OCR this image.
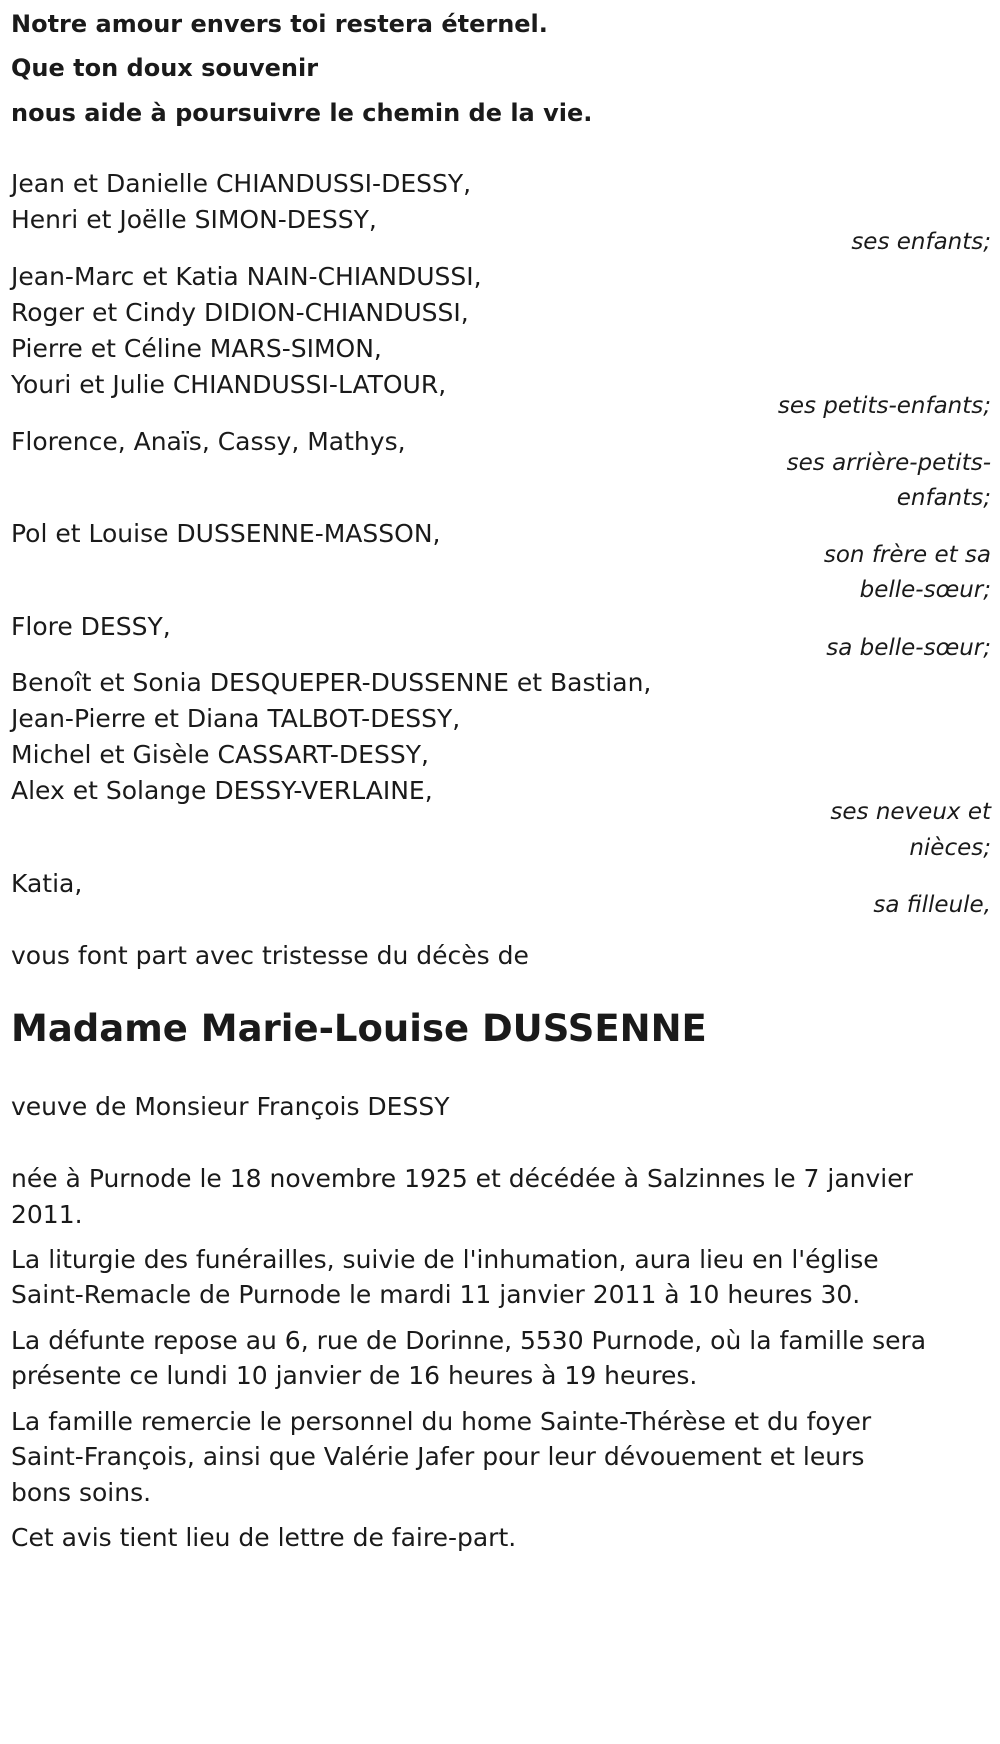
Notre amour envers toi restera éternel.
Que ton doux souvenir
nous aide à poursuivre le chemin de la vie.
Jean et Danielle CHIANDUSSI-DESSY,
Henri et Joëlle SIMON-DESSY,
ses enfants;
Jean-Marc et Katia NAIN-CHIANDUSSI,
Roger et Cindy DIDION-CHIANDUSSI,
Pierre et Céline MARS-SIMON,
Youri et Julie CHIANDUSSI-LATOUR,
ses petits-enfants;
Florence, Anaïs, Cassy, Mathys,
ses arrière-petits-
enfants;
Pol et Louise DUSSENNE-MASSON,
son frère et sa
belle-sœur;
Flore DESSY,
sa belle-sœur;
Benoît et Sonia DESQUEPER-DUSSENNE et Bastian,
Jean-Pierre et Diana TALBOT-DESSY,
Michel et Gisèle CASSART-DESSY,
Alex et Solange DESSY-VERLAINE,
ses neveux et
nièces;
Katia,
sa filleule,
vous font part avec tristesse du décès de
Madame Marie-Louise DUSSENNE
veuve de Monsieur François DESSY
née à Purnode le 18 novembre 1925 et décédée à Salzinnes le 7 janvier
2011.
La liturgie des funérailles, suivie de l'inhumation, aura lieu en l'église
Saint-Remacle de Purnode le mardi 11 janvier 2011 à 10 heures 30.
La défunte repose au 6, rue de Dorinne, 5530 Purnode, où la famille sera
présente ce lundi 10 janvier de 16 heures à 19 heures.
La famille remercie le personnel du home Sainte-Thérèse et du foyer
Saint-François, ainsi que Valérie Jafer pour leur dévouement et leurs
bons soins.
Cet avis tient lieu de lettre de faire-part.
